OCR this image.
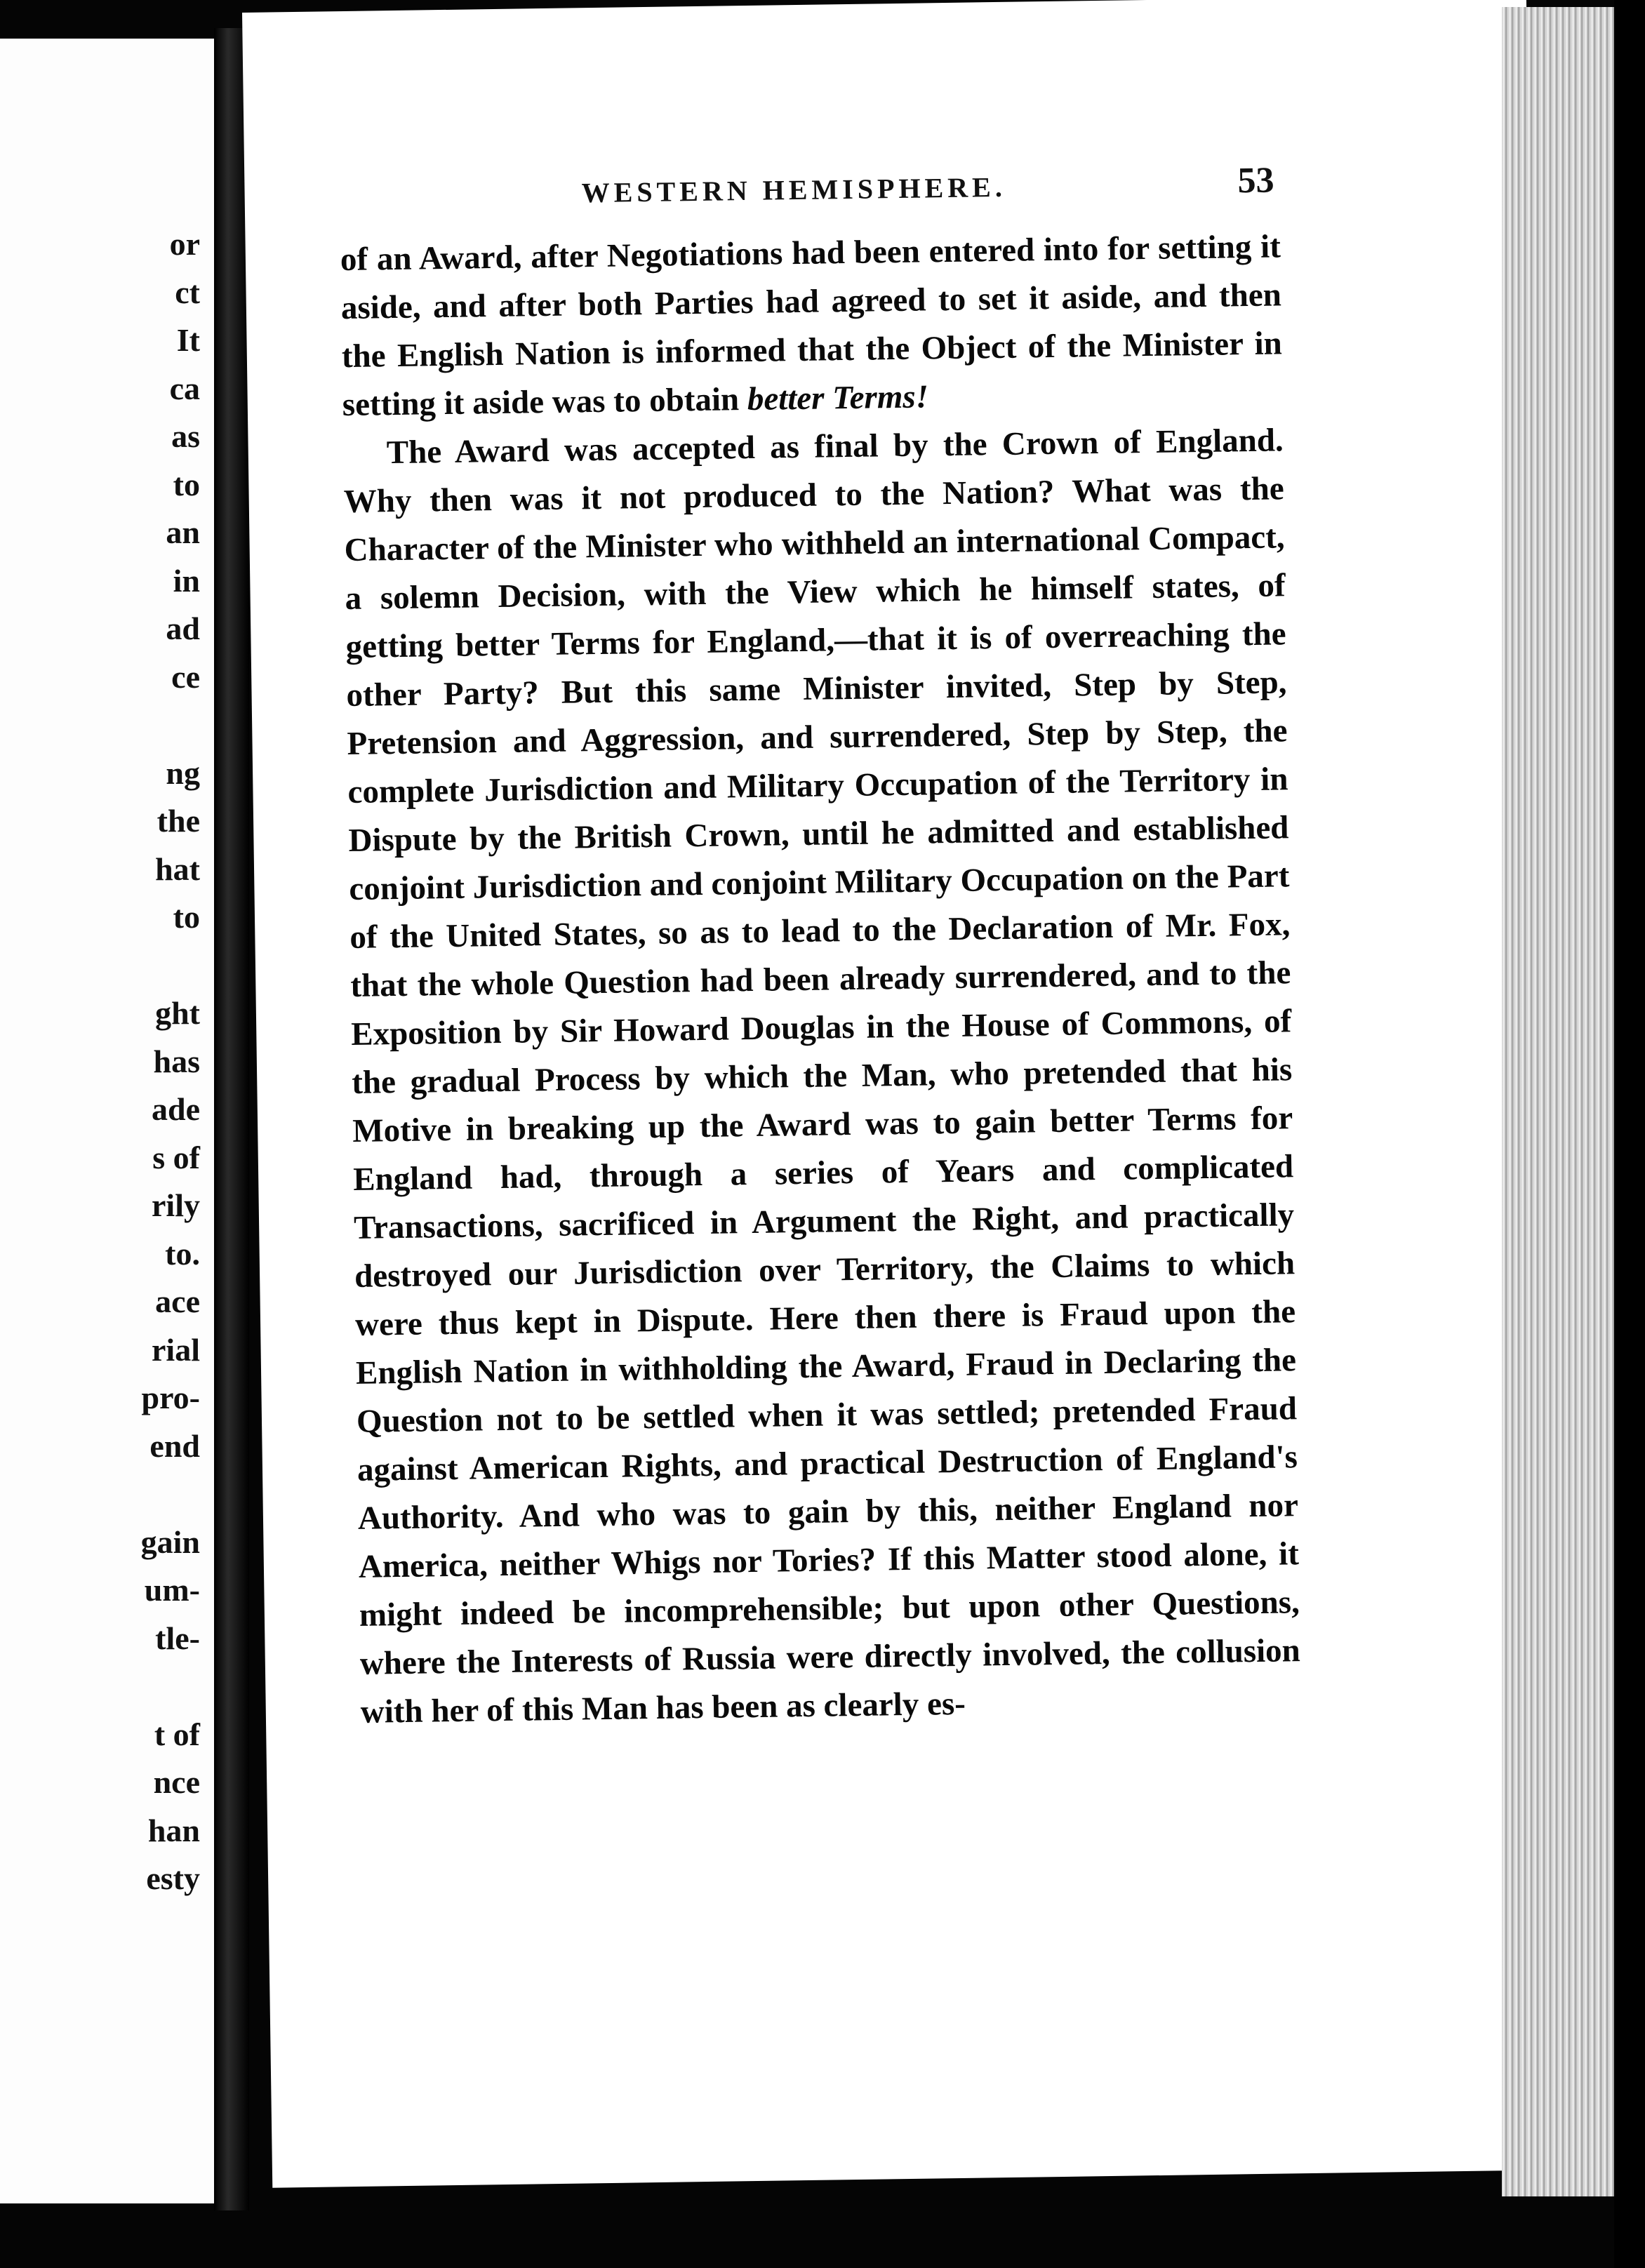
or
ct
It
ca
as
to
an
in
ad
ce
ng
the
hat
to
ght
has
ade
s of
rily
to.
ace
rial
pro-
end
gain
um-
tle-
t of
nce
han
esty
WESTERN HEMISPHERE.	53

of an Award, after Negotiations had been entered into for setting it aside, and after both Parties had agreed to set it aside, and then the English Nation is informed that the Object of the Minister in setting it aside was to obtain better Terms!

The Award was accepted as final by the Crown of England. Why then was it not produced to the Nation? What was the Character of the Minister who withheld an international Compact, a solemn Decision, with the View which he himself states, of getting better Terms for England,—that it is of overreaching the other Party? But this same Minister invited, Step by Step, Pretension and Aggression, and surrendered, Step by Step, the complete Jurisdiction and Military Occupation of the Territory in Dispute by the British Crown, until he admitted and established conjoint Jurisdiction and conjoint Military Occupation on the Part of the United States, so as to lead to the Declaration of Mr. Fox, that the whole Question had been already surrendered, and to the Exposition by Sir Howard Douglas in the House of Commons, of the gradual Process by which the Man, who pretended that his Motive in breaking up the Award was to gain better Terms for England had, through a series of Years and complicated Transactions, sacrificed in Argument the Right, and practically destroyed our Jurisdiction over Territory, the Claims to which were thus kept in Dispute. Here then there is Fraud upon the English Nation in withholding the Award, Fraud in Declaring the Question not to be settled when it was settled; pretended Fraud against American Rights, and practical Destruction of England's Authority. And who was to gain by this, neither England nor America, neither Whigs nor Tories? If this Matter stood alone, it might indeed be incomprehensible; but upon other Questions, where the Interests of Russia were directly involved, the collusion with her of this Man has been as clearly es-
